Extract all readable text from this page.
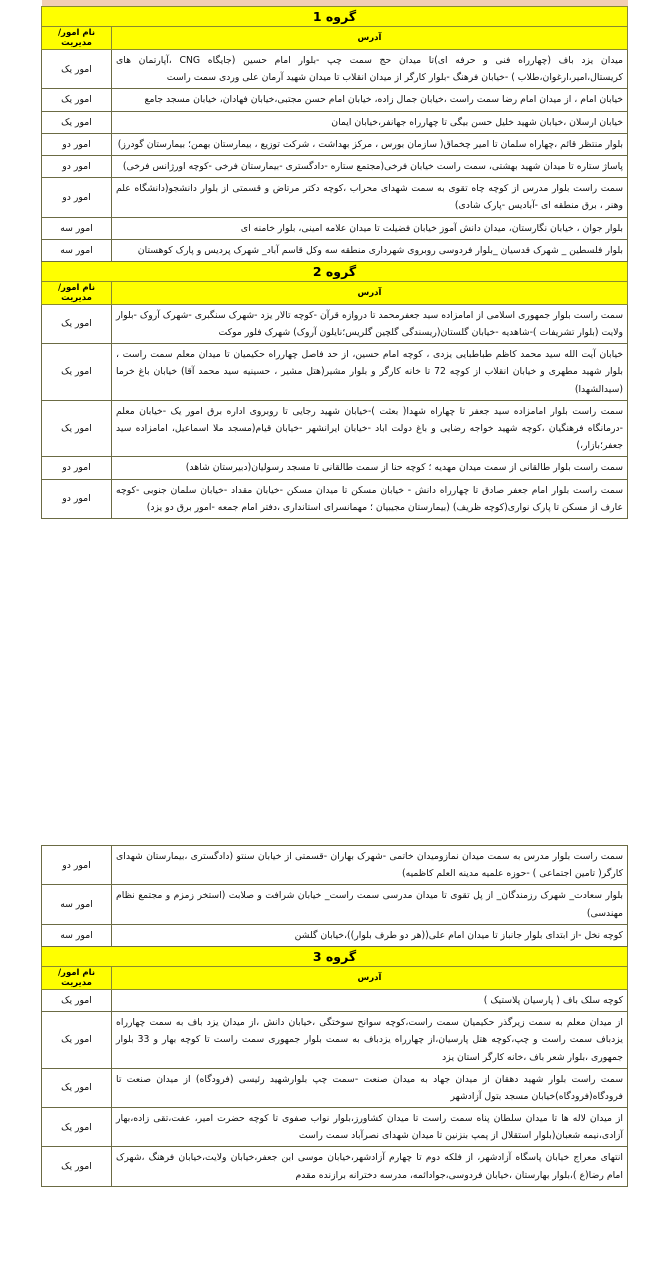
گروه 1	
آدرس	نام امور/مدیریت
میدان یزد باف (چهارراه فنی و حرفه ای)تا میدان حج سمت چپ -بلوار امام حسین (جایگاه CNG ،آپارتمان های کریستال،امیر،ارغوان،طلاب ) -خیابان فرهنگ -بلوار کارگر از میدان انقلاب تا میدان شهید آرمان علی وردی سمت راست	امور یک
خیابان امام ، از میدان امام رضا سمت راست ،خیابان جمال زاده، خیابان امام حسن مجتبی،خیابان فهادان، خیابان مسجد جامع	امور یک
خیابان ارسلان ،خیابان شهید خلیل حسن بیگی تا چهارراه جهانفر،خیابان ایمان	امور یک
بلوار منتظر قائم ،چهاراه سلمان تا امیر چخماق( سازمان بورس ، مرکز بهداشت ، شرکت توزیع ، بیمارستان بهمن؛ بیمارستان گودرز)	امور دو
پاساژ ستاره تا میدان شهید بهشتی، سمت راست خیابان فرخی(مجتمع ستاره -دادگستری -بیمارستان فرخی -کوچه اورژانس فرخی)	امور دو
سمت راست بلوار مدرس از کوچه چاه تقوی به سمت شهدای محراب ،کوچه دکتر مرتاض و قسمتی از بلوار دانشجو(دانشگاه علم وهنر ، برق منطقه ای -آبادیس -پارک شادی)	امور دو
بلوار جوان ، خیابان نگارستان، میدان دانش آموز خیابان فضیلت تا میدان علامه امینی، بلوار خامنه ای	امور سه
بلوار فلسطین _ شهرک قدسیان _بلوار فردوسی روبروی شهرداری منطقه سه وکل قاسم آباد_ شهرک پردیس و پارک کوهستان	امور سه
گروه 2	
آدرس	نام امور/مدیریت
سمت راست بلوار جمهوری اسلامی از امامزاده سید جعفرمحمد تا دروازه قرآن -کوچه تالار یزد -شهرک سنگبری -شهرک آروک -بلوار ولایت (بلوار تشریفات )-شاهدیه -خیابان گلستان(ریسندگی گلچین گلریس؛نایلون آروک) شهرک فلور موکت	امور یک
خیابان آیت الله سید محمد کاظم طباطبایی یزدی ، کوچه امام حسین، از حد فاصل چهارراه حکیمیان تا میدان معلم سمت راست ، بلوار شهید مطهری و خیابان انقلاب از کوچه 72 تا خانه کارگر و بلوار مشیر(هتل مشیر ، حسینیه سید محمد آقا) خیابان باغ خرما (سیدالشهدا)	امور یک
سمت راست بلوار امامزاده سید جعفر تا چهاراه شهدا( بعثت )-خیابان شهید رجایی تا روبروی اداره برق امور یک -خیابان معلم -درمانگاه فرهنگیان ،کوچه شهید خواجه رضایی و باغ دولت اباد -خیابان ایرانشهر -خیابان قیام(مسجد ملا اسماعیل، امامزاده سید جعفر؛بازار،)	امور یک
سمت راست بلوار طالقانی از سمت میدان مهدیه ؛ کوچه حنا از سمت طالقانی تا مسجد رسولیان(دبیرستان شاهد)	امور دو
سمت راست بلوار امام جعفر صادق تا چهارراه دانش - خیابان مسکن تا میدان مسکن -خیابان مقداد -خیابان سلمان جنوبی -کوچه عارف از مسکن تا پارک نواری(کوچه ظریف) (بیمارستان مجیبیان ؛ مهمانسرای استانداری ،دفتر امام جمعه -امور برق دو یزد)	امور دو
سمت راست بلوار مدرس به سمت میدان نمازومیدان خاتمی -شهرک بهاران -قسمتی از خیابان سنتو (دادگستری ،بیمارستان شهدای کارگر( تامین اجتماعی ) -حوزه علمیه مدینه العلم کاظمیه)	امور دو
بلوار سعادت_ شهرک رزمندگان_ از پل تقوی تا میدان مدرسی سمت راست_ خیابان شرافت و صلابت (استخر زمزم و مجتمع نظام مهندسی)	امور سه
کوچه نخل -از ابتدای بلوار جانباز تا میدان امام علی((هر دو طرف بلوار))،خیابان گلشن	امور سه
گروه 3	
آدرس	نام امور/مدیریت
کوچه سلک باف ( پارسیان پلاستیک )	امور یک
از میدان معلم به سمت زیرگذر حکیمیان سمت راست،کوچه سوانح سوختگی ،خیابان دانش ،از میدان یزد باف به سمت چهارراه یزدباف سمت راست و چپ،کوچه هتل پارسیان،از چهارراه یزدباف به سمت بلوار جمهوری سمت راست تا کوچه بهار و 33 بلوار جمهوری ،بلوار شعر باف ،خانه کارگر استان یزد	امور یک
سمت راست بلوار شهید دهقان از میدان جهاد به میدان صنعت -سمت چپ بلوارشهید رئیسی (فرودگاه) از میدان صنعت تا فرودگاه(فرودگاه)خیابان مسجد بتول آزادشهر	امور یک
از میدان لاله ها تا میدان سلطان پناه سمت راست تا میدان کشاورز،بلوار نواب صفوی تا کوچه حضرت امیر، عفت،تقی زاده،بهار آزادی،نیمه شعبان(بلوار استقلال از پمپ بنزنین تا میدان شهدای نصرآباد سمت راست	امور یک
انتهای معراج خیابان پاسگاه آزادشهر، از فلکه دوم تا چهارم آزادشهر،خیابان موسی ابن جعفر،خیابان ولایت،خیابان فرهنگ ،شهرک امام رضا(ع )،بلوار بهارستان ،خیابان فردوسی،جوادائمه، مدرسه دخترانه برازنده مقدم	امور یک
